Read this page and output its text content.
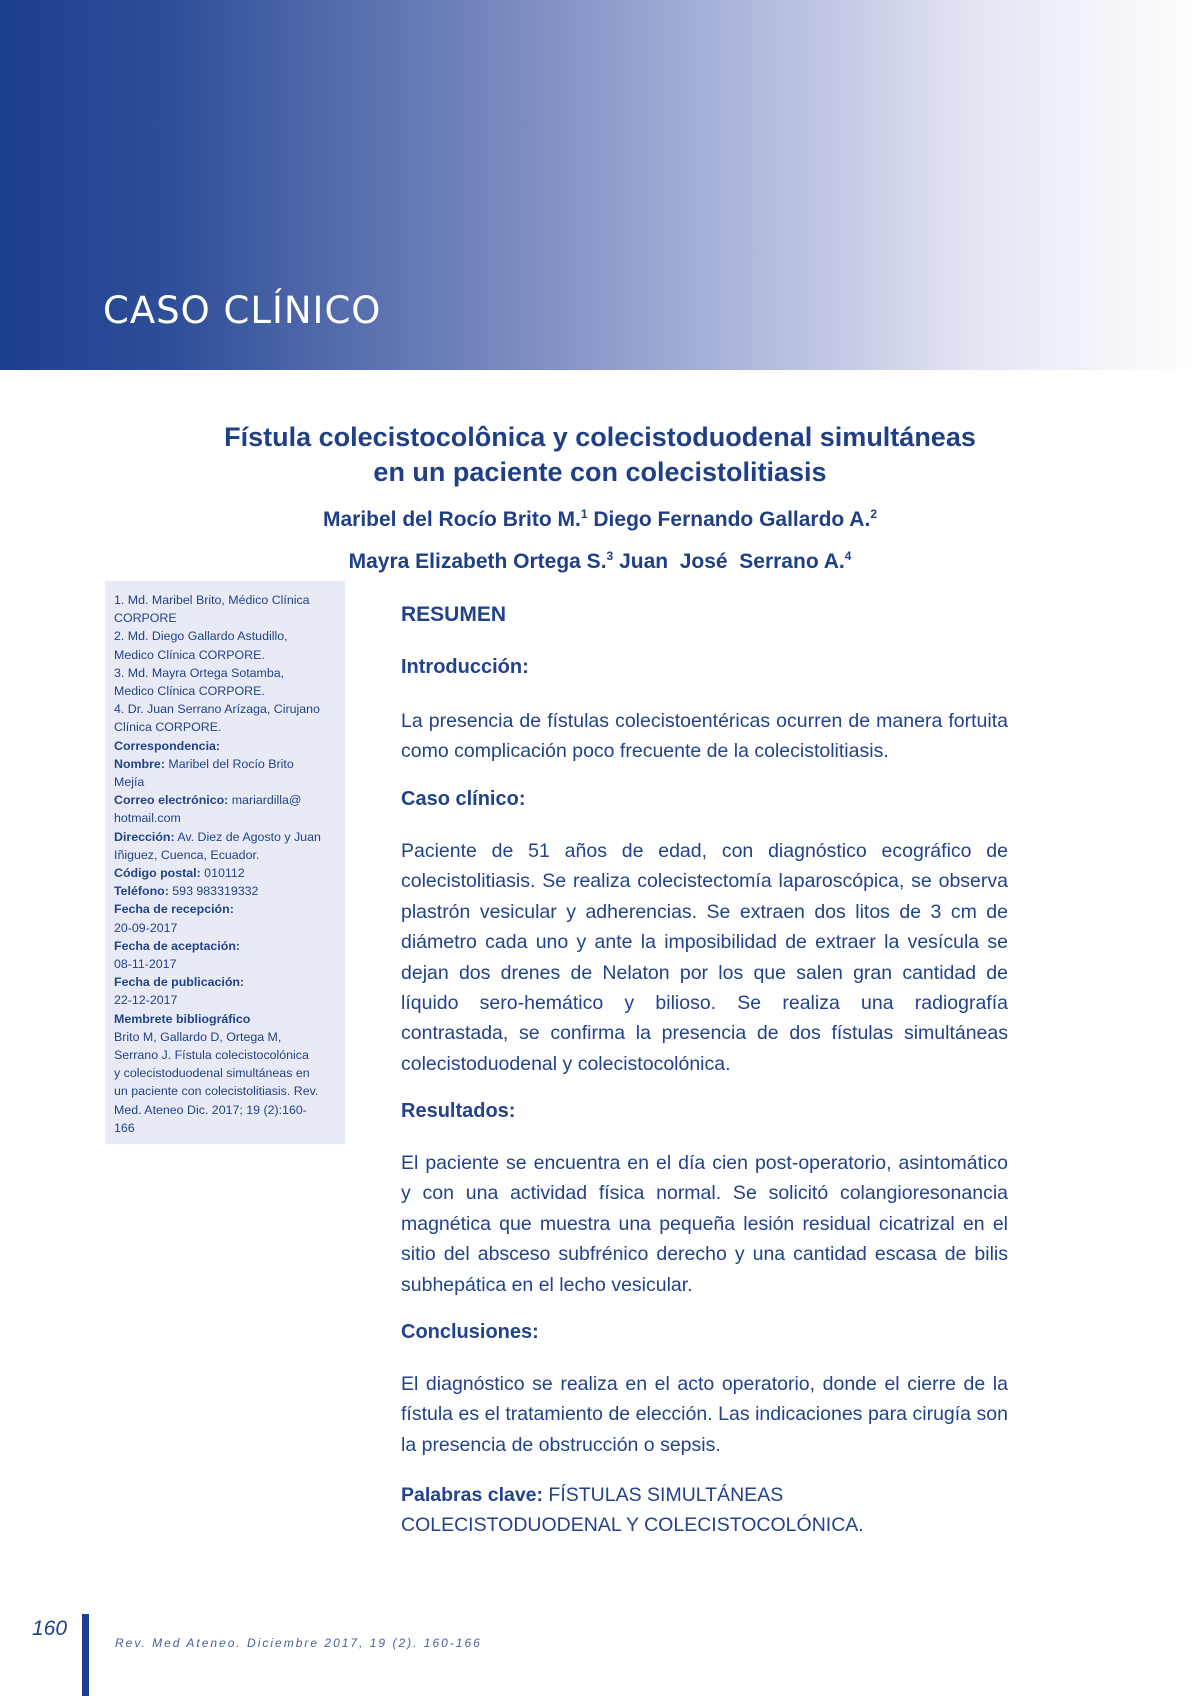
CASO CLÍNICO
Fístula colecistocolônica y colecistoduodenal simultáneas
en un paciente con colecistolitiasis
Maribel del Rocío Brito M.$^1$ Diego Fernando Gallardo A.$^2$
Mayra Elizabeth Ortega S.$^3$ Juan  José  Serrano A.$^4$
1. Md. Maribel Brito, Médico Clínica
CORPORE
2. Md. Diego Gallardo Astudillo,
Medico Clínica CORPORE.
3. Md. Mayra Ortega Sotamba,
Medico Clínica CORPORE.
4. Dr. Juan Serrano Arízaga, Cirujano
Clínica CORPORE.
Correspondencia:
Nombre: Maribel del Rocío Brito
Mejía
Correo electrónico: mariardilla@
hotmail.com
Dirección: Av. Diez de Agosto y Juan
Iñiguez, Cuenca, Ecuador.
Código postal: 010112
Teléfono: 593 983319332
Fecha de recepción:
20-09-2017
Fecha de aceptación:
08-11-2017
Fecha de publicación:
22-12-2017
Membrete bibliográfico
Brito M, Gallardo D, Ortega M,
Serrano J. Fístula colecistocolónica
y colecistoduodenal simultáneas en
un paciente con colecistolitiasis. Rev.
Med. Ateneo Dic. 2017; 19 (2):160-
166
RESUMEN
Introducción:

La presencia de fístulas colecistoentéricas ocurren de manera fortuita como complicación poco frecuente de la colecistolitiasis.

Caso clínico:

Paciente de 51 años de edad, con diagnóstico ecográfico de colecistolitiasis. Se realiza colecistectomía laparoscópica, se observa plastrón vesicular y adherencias. Se extraen dos litos de 3 cm de diámetro cada uno y ante la imposibilidad de extraer la vesícula se dejan dos drenes de Nelaton por los que salen gran cantidad de líquido sero-hemático y bilioso. Se realiza una radiografía contrastada, se confirma la presencia de dos fístulas simultáneas colecistoduodenal y colecistocolónica.

Resultados:

El paciente se encuentra en el día cien post-operatorio, asintomático y con una actividad física normal. Se solicitó colangioresonancia magnética que muestra una pequeña lesión residual cicatrizal en el sitio del absceso subfrénico derecho y una cantidad escasa de bilis subhepática en el lecho vesicular.

Conclusiones:

El diagnóstico se realiza en el acto operatorio, donde el cierre de la fístula es el tratamiento de elección. Las indicaciones para cirugía son la presencia de obstrucción o sepsis.

Palabras clave: FÍSTULAS SIMULTÁNEAS COLECISTODUODENAL Y COLECISTOCOLÓNICA.
160
Rev. Med Ateneo. Diciembre 2017, 19 (2). 160-166
